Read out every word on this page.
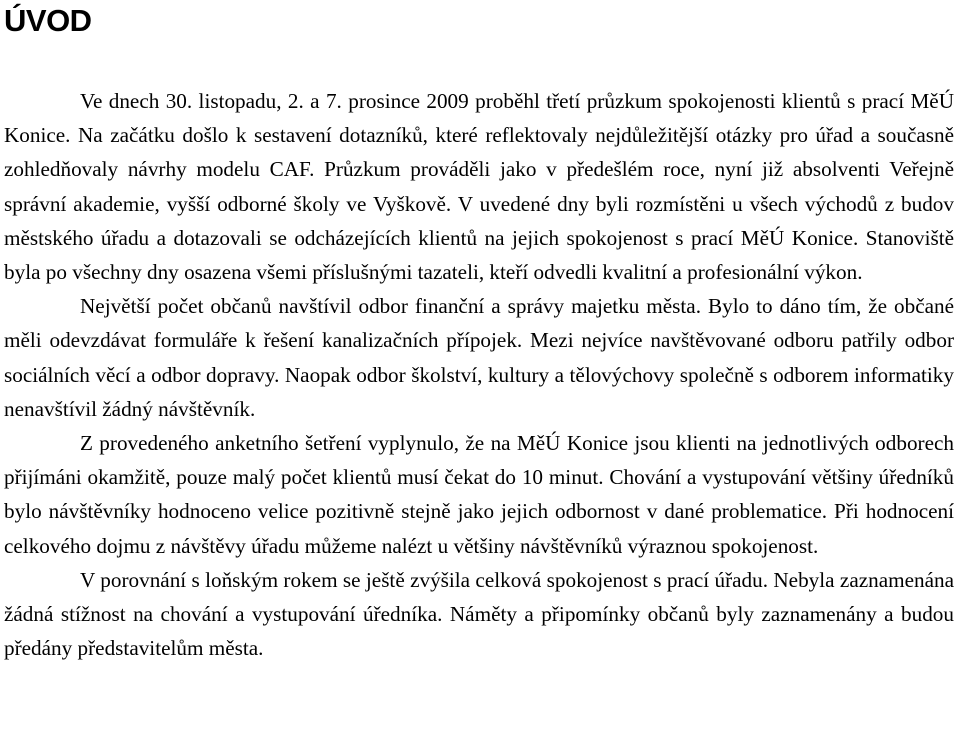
ÚVOD

Ve dnech 30. listopadu, 2. a 7. prosince 2009 proběhl třetí průzkum spokojenosti klientů s prací MěÚ Konice. Na začátku došlo k sestavení dotazníků, které reflektovaly nejdůležitější otázky pro úřad a současně zohledňovaly návrhy modelu CAF. Průzkum prováděli jako v předešlém roce, nyní již absolventi Veřejně správní akademie, vyšší odborné školy ve Vyškově. V uvedené dny byli rozmístěni u všech východů z budov městského úřadu a dotazovali se odcházejících klientů na jejich spokojenost s prací MěÚ Konice. Stanoviště byla po všechny dny osazena všemi příslušnými tazateli, kteří odvedli kvalitní a profesionální výkon.

Největší počet občanů navštívil odbor finanční a správy majetku města. Bylo to dáno tím, že občané měli odevzdávat formuláře k řešení kanalizačních přípojek. Mezi nejvíce navštěvované odboru patřily odbor sociálních věcí a odbor dopravy. Naopak odbor školství, kultury a tělovýchovy společně s odborem informatiky nenavštívil žádný návštěvník.

Z provedeného anketního šetření vyplynulo, že na MěÚ Konice jsou klienti na jednotlivých odborech přijímáni okamžitě, pouze malý počet klientů musí čekat do 10 minut. Chování a vystupování většiny úředníků bylo návštěvníky hodnoceno velice pozitivně stejně jako jejich odbornost v dané problematice. Při hodnocení celkového dojmu z návštěvy úřadu můžeme nalézt u většiny návštěvníků výraznou spokojenost.

V porovnání s loňským rokem se ještě zvýšila celková spokojenost s prací úřadu. Nebyla zaznamenána žádná stížnost na chování a vystupování úředníka. Náměty a připomínky občanů byly zaznamenány a budou předány představitelům města.
